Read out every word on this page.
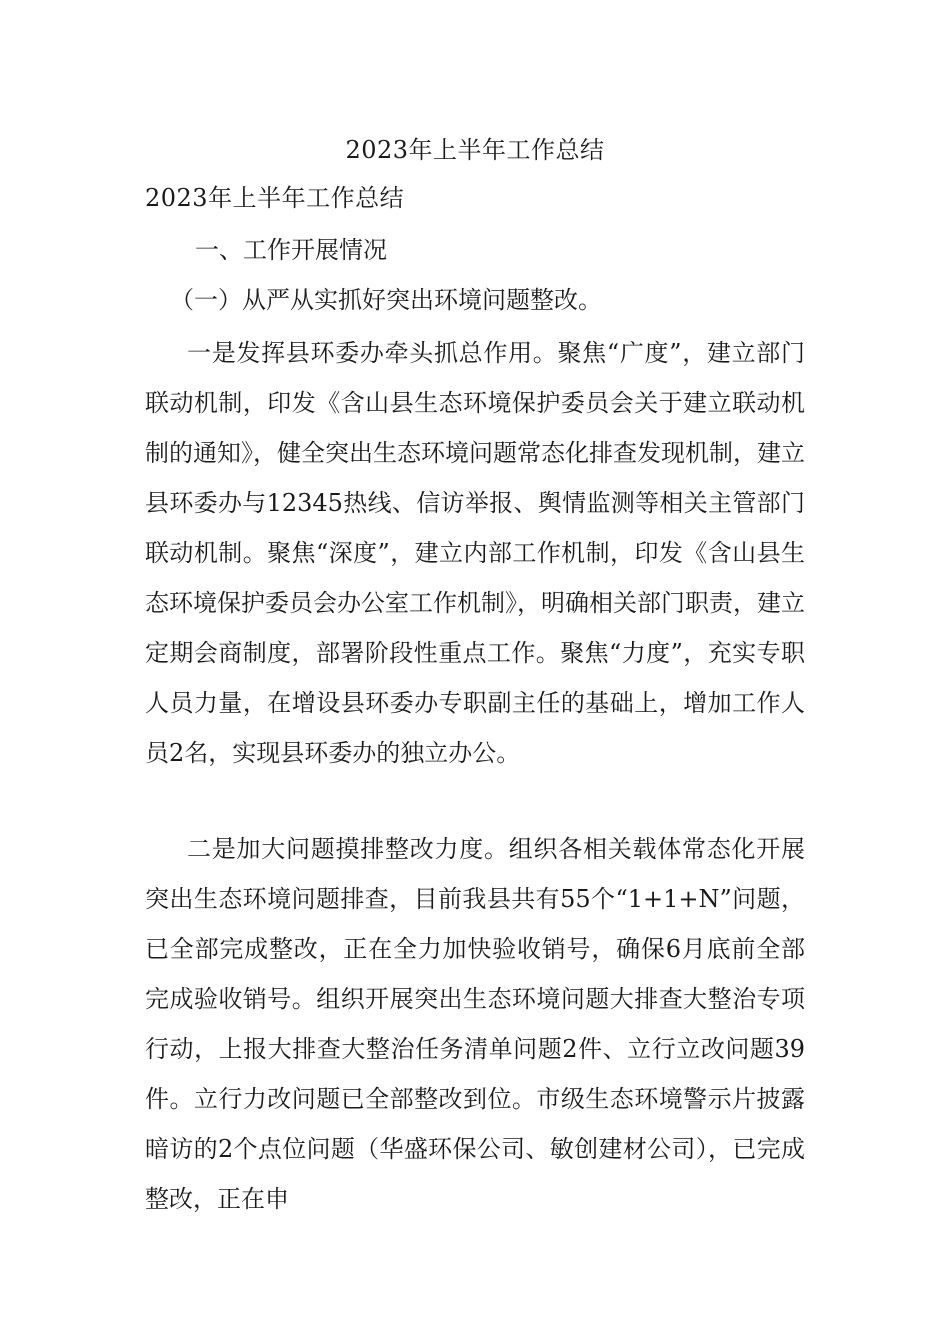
2023年上半年工作总结
2023年上半年工作总结
一、工作开展情况
（一）从严从实抓好突出环境问题整改。
一是发挥县环委办牵头抓总作用。聚焦“广度”，建立部门联动机制，印发《含山县生态环境保护委员会关于建立联动机制的通知》，健全突出生态环境问题常态化排查发现机制，建立县环委办与12345热线、信访举报、舆情监测等相关主管部门联动机制。聚焦“深度”，建立内部工作机制，印发《含山县生态环境保护委员会办公室工作机制》，明确相关部门职责，建立定期会商制度，部署阶段性重点工作。聚焦“力度”，充实专职人员力量，在增设县环委办专职副主任的基础上，增加工作人员2名，实现县环委办的独立办公。
二是加大问题摸排整改力度。组织各相关载体常态化开展突出生态环境问题排查，目前我县共有55个“1+1+N”问题，已全部完成整改，正在全力加快验收销号，确保6月底前全部完成验收销号。组织开展突出生态环境问题大排查大整治专项行动，上报大排查大整治任务清单问题2件、立行立改问题39件。立行力改问题已全部整改到位。市级生态环境警示片披露暗访的2个点位问题（华盛环保公司、敏创建材公司），已完成整改，正在申
